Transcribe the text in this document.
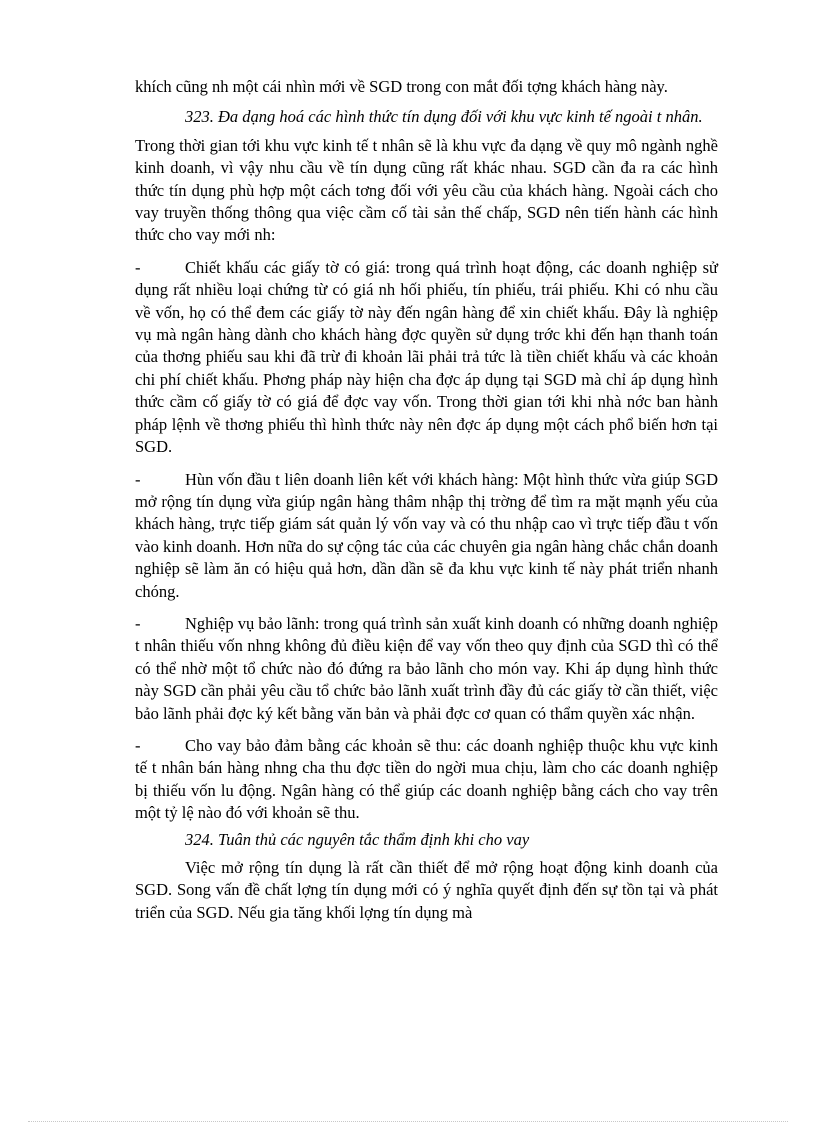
khích cũng nh một cái nhìn mới về SGD trong con mắt đối tợng khách hàng này.

323. Đa dạng hoá các hình thức tín dụng đối với khu vực kinh tế ngoài t nhân.

Trong thời gian tới khu vực kinh tế t nhân sẽ là khu vực đa dạng về quy mô ngành nghề kinh doanh, vì vậy nhu cầu về tín dụng cũng rất khác nhau. SGD cần đa ra các hình thức tín dụng phù hợp một cách tơng đối với yêu cầu của khách hàng. Ngoài cách cho vay truyền thống thông qua việc cầm cố tài sản thế chấp, SGD nên tiến hành các hình thức cho vay mới nh:

-	Chiết khấu các giấy tờ có giá: trong quá trình hoạt động, các doanh nghiệp sử dụng rất nhiều loại chứng từ có giá nh hối phiếu, tín phiếu, trái phiếu. Khi có nhu cầu về vốn, họ có thể đem các giấy tờ này đến ngân hàng để xin chiết khấu. Đây là nghiệp vụ mà ngân hàng dành cho khách hàng đợc quyền sử dụng trớc khi đến hạn thanh toán của thơng phiếu sau khi đã trừ đi khoản lãi phải trả tức là tiền chiết khấu và các khoản chi phí chiết khấu. Phơng pháp này hiện cha đợc áp dụng tại SGD mà chỉ áp dụng hình thức cầm cố giấy tờ có giá để đợc vay vốn. Trong thời gian tới khi nhà nớc ban hành pháp lệnh về thơng phiếu thì hình thức này nên đợc áp dụng một cách phổ biến hơn tại SGD.

-	Hùn vốn đầu t liên doanh liên kết với khách hàng: Một hình thức vừa giúp SGD mở rộng tín dụng vừa giúp ngân hàng thâm nhập thị trờng để tìm ra mặt mạnh yếu của khách hàng, trực tiếp giám sát quản lý vốn vay và có thu nhập cao vì trực tiếp đầu t vốn vào kinh doanh. Hơn nữa do sự cộng tác của các chuyên gia ngân hàng chắc chắn doanh nghiệp sẽ làm ăn có hiệu quả hơn, dần dần sẽ đa khu vực kinh tế này phát triển nhanh chóng.

-	Nghiệp vụ bảo lãnh: trong quá trình sản xuất kinh doanh có những doanh nghiệp t nhân thiếu vốn nhng không đủ điều kiện để vay vốn theo quy định của SGD thì có thể có thể nhờ một tổ chức nào đó đứng ra bảo lãnh cho món vay. Khi áp dụng hình thức này SGD cần phải yêu cầu tổ chức bảo lãnh xuất trình đầy đủ các giấy tờ cần thiết, việc bảo lãnh phải đợc ký kết bằng văn bản và phải đợc cơ quan có thẩm quyền xác nhận.

-	Cho vay bảo đảm bằng các khoản sẽ thu: các doanh nghiệp thuộc khu vực kinh tế t nhân bán hàng nhng cha thu đợc tiền do ngời mua chịu, làm cho các doanh nghiệp bị thiếu vốn lu động. Ngân hàng có thể giúp các doanh nghiệp bằng cách cho vay trên một tỷ lệ nào đó với khoản sẽ thu.

324. Tuân thủ các nguyên tắc thẩm định khi cho vay

Việc mở rộng tín dụng là rất cần thiết để mở rộng hoạt động kinh doanh của SGD. Song vấn đề chất lợng tín dụng mới có ý nghĩa quyết định đến sự tồn tại và phát triển của SGD. Nếu gia tăng khối lợng tín dụng mà
